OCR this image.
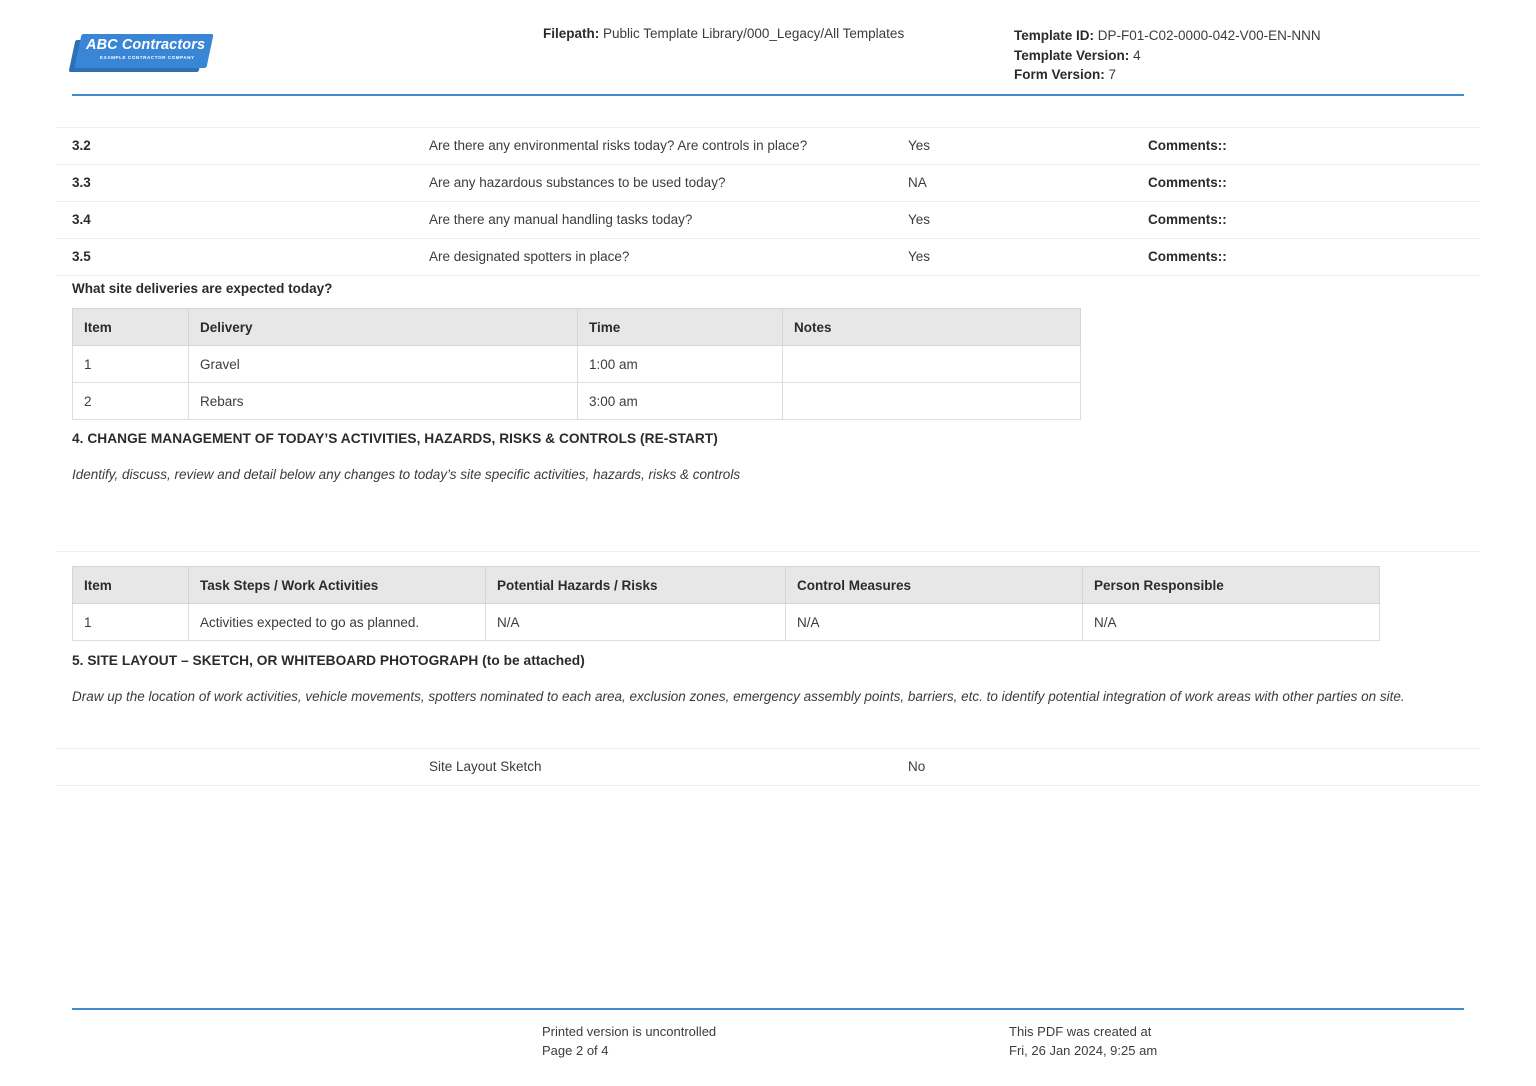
ABC Contractors
EXAMPLE CONTRACTOR COMPANY
Filepath: Public Template Library/000_Legacy/All Templates	Template ID: DP-F01-C02-0000-042-V00-EN-NNN
Template Version: 4
Form Version: 7
3.2	Are there any environmental risks today? Are controls in place?	Yes	Comments::
3.3	Are any hazardous substances to be used today?	NA	Comments::
3.4	Are there any manual handling tasks today?	Yes	Comments::
3.5	Are designated spotters in place?	Yes	Comments::
What site deliveries are expected today?
Item	Delivery	Time	Notes
1	Gravel	1:00 am	
2	Rebars	3:00 am	
4. CHANGE MANAGEMENT OF TODAY’S ACTIVITIES, HAZARDS, RISKS & CONTROLS (RE-START)
Identify, discuss, review and detail below any changes to today’s site specific activities, hazards, risks & controls
Item	Task Steps / Work Activities	Potential Hazards / Risks	Control Measures	Person Responsible
1	Activities expected to go as planned.	N/A	N/A	N/A
5. SITE LAYOUT – SKETCH, OR WHITEBOARD PHOTOGRAPH (to be attached)
Draw up the location of work activities, vehicle movements, spotters nominated to each area, exclusion zones, emergency assembly points, barriers, etc. to identify potential integration of work areas with other parties on site.
Site Layout Sketch	No
Printed version is uncontrolled
Page 2 of 4
This PDF was created at
Fri, 26 Jan 2024, 9:25 am
